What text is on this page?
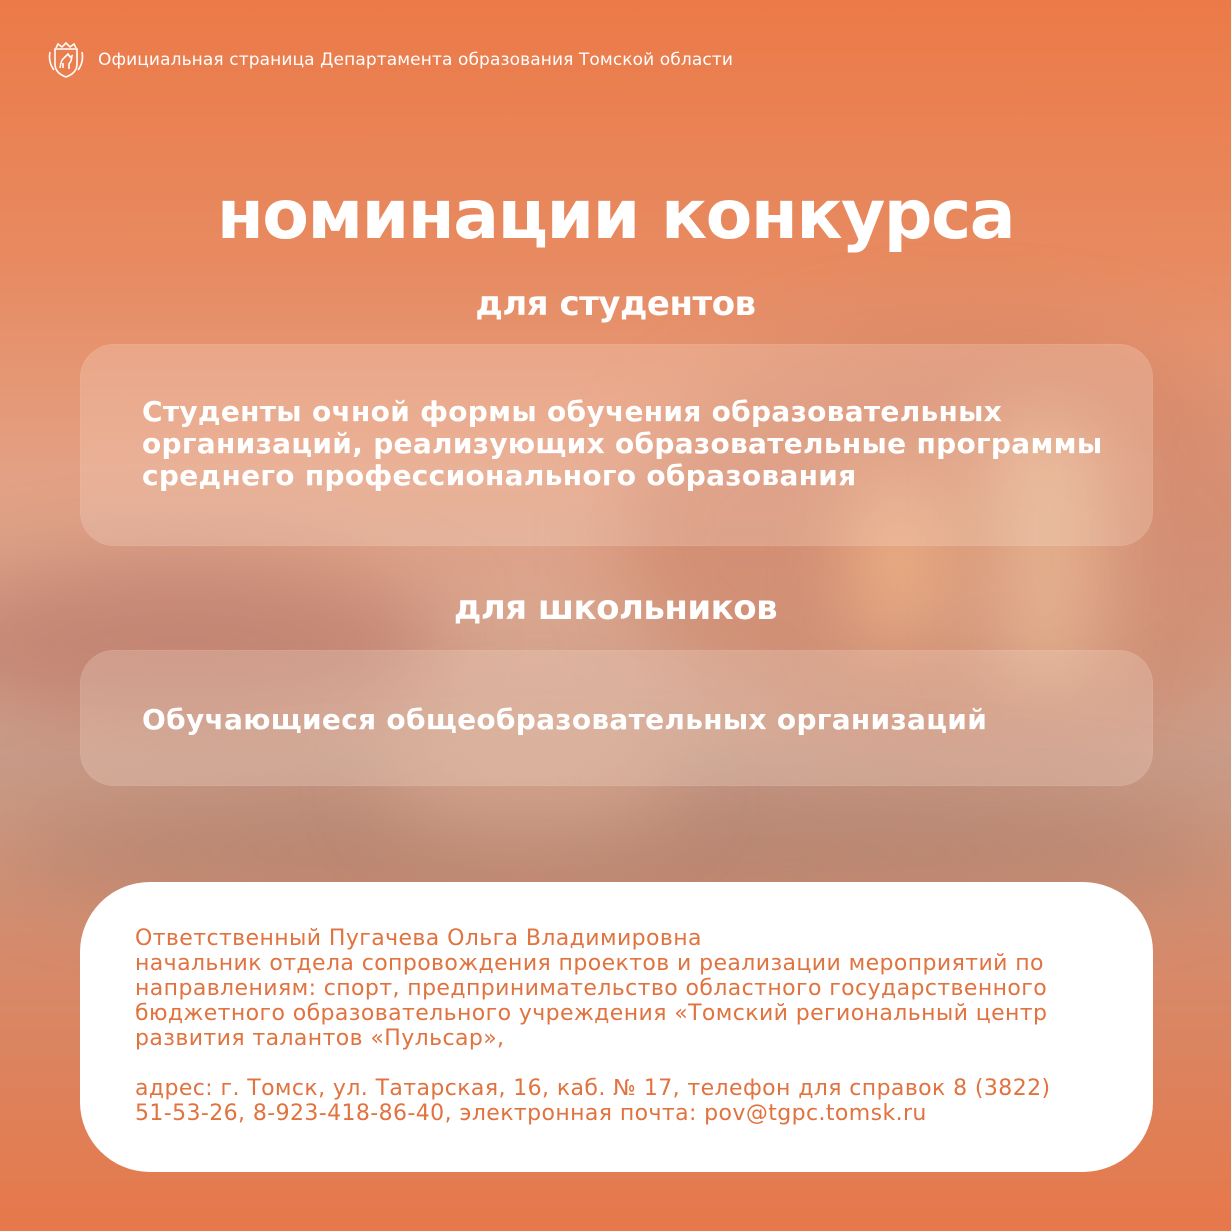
Официальная страница Департамента образования Томской области
номинации конкурса
для студентов
Студенты очной формы обучения образовательных
организаций, реализующих образовательные программы
среднего профессионального образования
для школьников
Обучающиеся общеобразовательных организаций
Ответственный Пугачева Ольга Владимировна
начальник отдела сопровождения проектов и реализации мероприятий по
направлениям: спорт, предпринимательство областного государственного
бюджетного образовательного учреждения «Томский региональный центр
развития талантов «Пульсар»,
адрес: г. Томск, ул. Татарская, 16, каб. № 17, телефон для справок 8 (3822)
51-53-26, 8-923-418-86-40, электронная почта: pov@tgpc.tomsk.ru
